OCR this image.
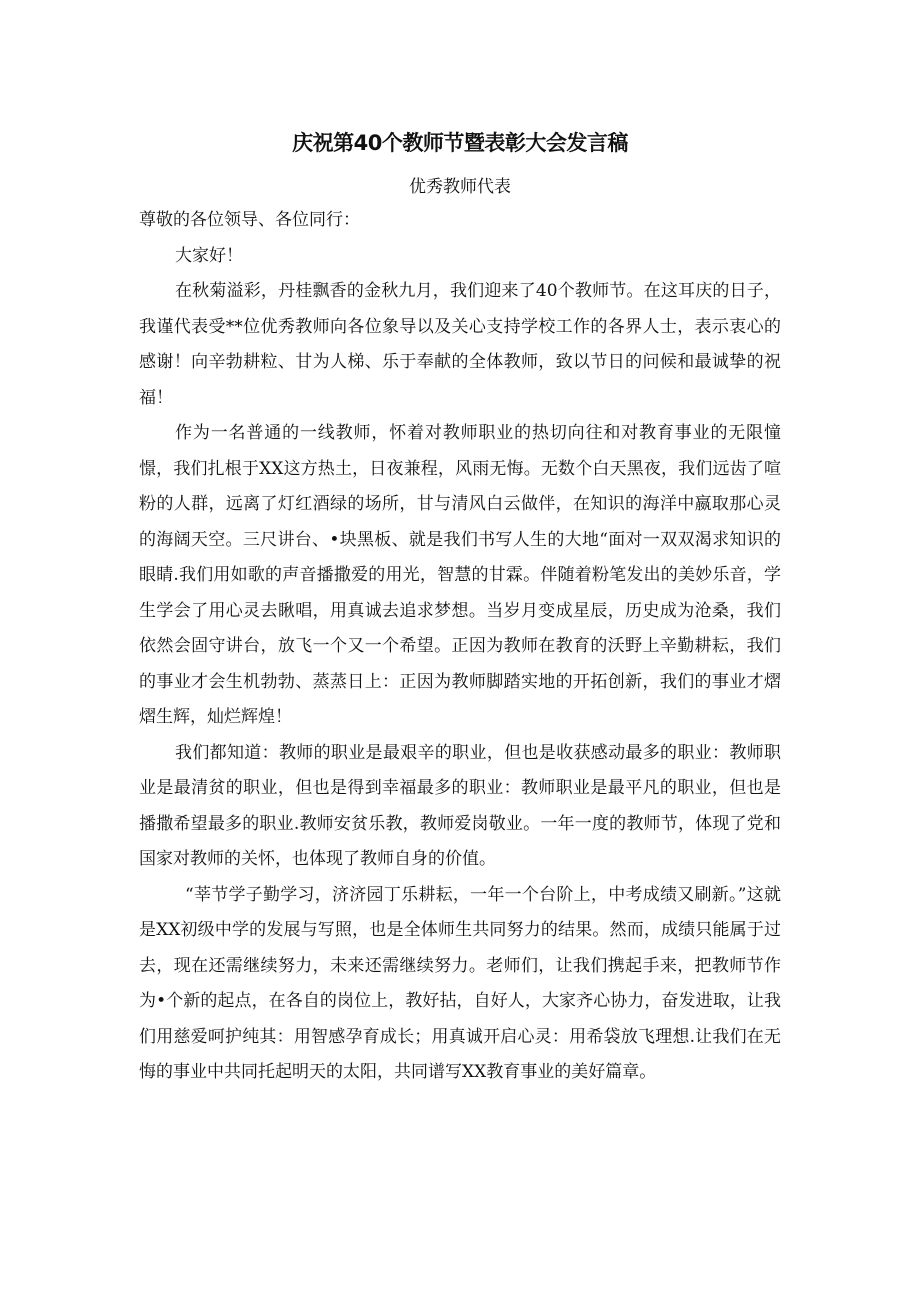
庆祝第40个教师节暨表彰大会发言稿
优秀教师代表

尊敬的各位领导、各位同行：

大家好！

在秋菊溢彩，丹桂飘香的金秋九月，我们迎来了40个教师节。在这耳庆的日子，我谨代表受**位优秀教师向各位象导以及关心支持学校工作的各界人士，表示衷心的感谢！向辛勃耕粒、甘为人梯、乐于奉献的全体教师，致以节日的问候和最诚挚的祝福！

作为一名普通的一线教师，怀着对教师职业的热切向往和对教育事业的无限憧憬，我们扎根于XX这方热土，日夜兼程，风雨无悔。无数个白天黑夜，我们远齿了喧粉的人群，远离了灯红酒绿的场所，甘与清风白云做伴，在知识的海洋中嬴取那心灵的海阔天空。三尺讲台、•块黑板、就是我们书写人生的大地“面对一双双渴求知识的眼睛.我们用如歌的声音播撒爱的用光，智慧的甘霖。伴随着粉笔发出的美妙乐音，学生学会了用心灵去瞅唱，用真诚去追求梦想。当岁月变成星辰，历史成为沧桑，我们依然会固守讲台，放飞一个又一个希望。正因为教师在教育的沃野上辛勤耕耘，我们的事业才会生机勃勃、蒸蒸日上：正因为教师脚踏实地的开拓创新，我们的事业才熠熠生辉，灿烂辉煌！

我们都知道：教师的职业是最艰辛的职业，但也是收获感动最多的职业：教师职业是最清贫的职业，但也是得到幸福最多的职业：教师职业是最平凡的职业，但也是播撒希望最多的职业.教师安贫乐教，教师爱岗敬业。一年一度的教师节，体现了党和国家对教师的关怀，也体现了教师自身的价值。

“莘节学子勤学习，济济园丁乐耕耘，一年一个台阶上，中考成绩又刷新。”这就是XX初级中学的发展与写照，也是全体师生共同努力的结果。然而，成绩只能属于过去，现在还需继续努力，未来还需继续努力。老师们，让我们携起手来，把教师节作为•个新的起点，在各自的岗位上，教好拈，自好人，大家齐心协力，奋发进取，让我们用慈爱呵护纯其：用智感孕育成长；用真诚开启心灵：用希袋放飞理想.让我们在无悔的事业中共同托起明天的太阳，共同谱写XX教育事业的美好篇章。
